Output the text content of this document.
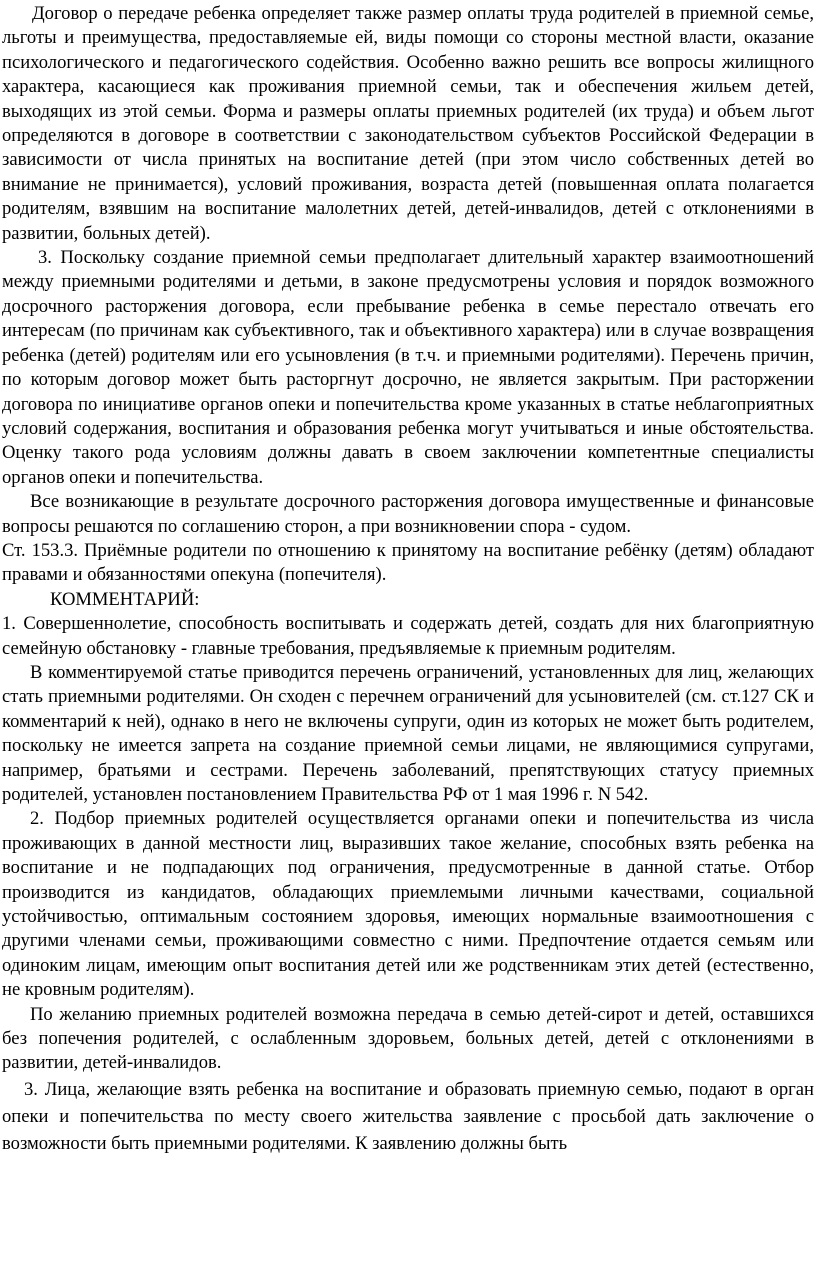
Договор о передаче ребенка определяет также размер оплаты труда родителей в приемной семье, льготы и преимущества, предоставляемые ей, виды помощи со стороны местной власти, оказание психологического и педагогического содействия. Особенно важно решить все вопросы жилищного характера, касающиеся как проживания приемной семьи, так и обеспечения жильем детей, выходящих из этой семьи. Форма и размеры оплаты приемных родителей (их труда) и объем льгот определяются в договоре в соответствии с законодательством субъектов Российской Федерации в зависимости от числа принятых на воспитание детей (при этом число собственных детей во внимание не принимается), условий проживания, возраста детей (повышенная оплата полагается родителям, взявшим на воспитание малолетних детей, детей-инвалидов, детей с отклонениями в развитии, больных детей).

3. Поскольку создание приемной семьи предполагает длительный характер взаимоотношений между приемными родителями и детьми, в законе предусмотрены условия и порядок возможного досрочного расторжения договора, если пребывание ребенка в семье перестало отвечать его интересам (по причинам как субъективного, так и объективного характера) или в случае возвращения ребенка (детей) родителям или его усыновления (в т.ч. и приемными родителями). Перечень причин, по которым договор может быть расторгнут досрочно, не является закрытым. При расторжении договора по инициативе органов опеки и попечительства кроме указанных в статье неблагоприятных условий содержания, воспитания и образования ребенка могут учитываться и иные обстоятельства. Оценку такого рода условиям должны давать в своем заключении компетентные специалисты органов опеки и попечительства.

Все возникающие в результате досрочного расторжения договора имущественные и финансовые вопросы решаются по соглашению сторон, а при возникновении спора - судом.

Ст. 153.3. Приёмные родители по отношению к принятому на воспитание ребёнку (детям) обладают правами и обязанностями опекуна (попечителя).

КОММЕНТАРИЙ:

1. Совершеннолетие, способность воспитывать и содержать детей, создать для них благоприятную семейную обстановку - главные требования, предъявляемые к приемным родителям.

В комментируемой статье приводится перечень ограничений, установленных для лиц, желающих стать приемными родителями. Он сходен с перечнем ограничений для усыновителей (см. ст.127 СК и комментарий к ней), однако в него не включены супруги, один из которых не может быть родителем, поскольку не имеется запрета на создание приемной семьи лицами, не являющимися супругами, например, братьями и сестрами. Перечень заболеваний, препятствующих статусу приемных родителей, установлен постановлением Правительства РФ от 1 мая 1996 г. N 542.

2. Подбор приемных родителей осуществляется органами опеки и попечительства из числа проживающих в данной местности лиц, выразивших такое желание, способных взять ребенка на воспитание и не подпадающих под ограничения, предусмотренные в данной статье. Отбор производится из кандидатов, обладающих приемлемыми личными качествами, социальной устойчивостью, оптимальным состоянием здоровья, имеющих нормальные взаимоотношения с другими членами семьи, проживающими совместно с ними. Предпочтение отдается семьям или одиноким лицам, имеющим опыт воспитания детей или же родственникам этих детей (естественно, не кровным родителям).

По желанию приемных родителей возможна передача в семью детей-сирот и детей, оставшихся без попечения родителей, с ослабленным здоровьем, больных детей, детей с отклонениями в развитии, детей-инвалидов.

3. Лица, желающие взять ребенка на воспитание и образовать приемную семью, подают в орган опеки и попечительства по месту своего жительства заявление с просьбой дать заключение о возможности быть приемными родителями. К заявлению должны быть
